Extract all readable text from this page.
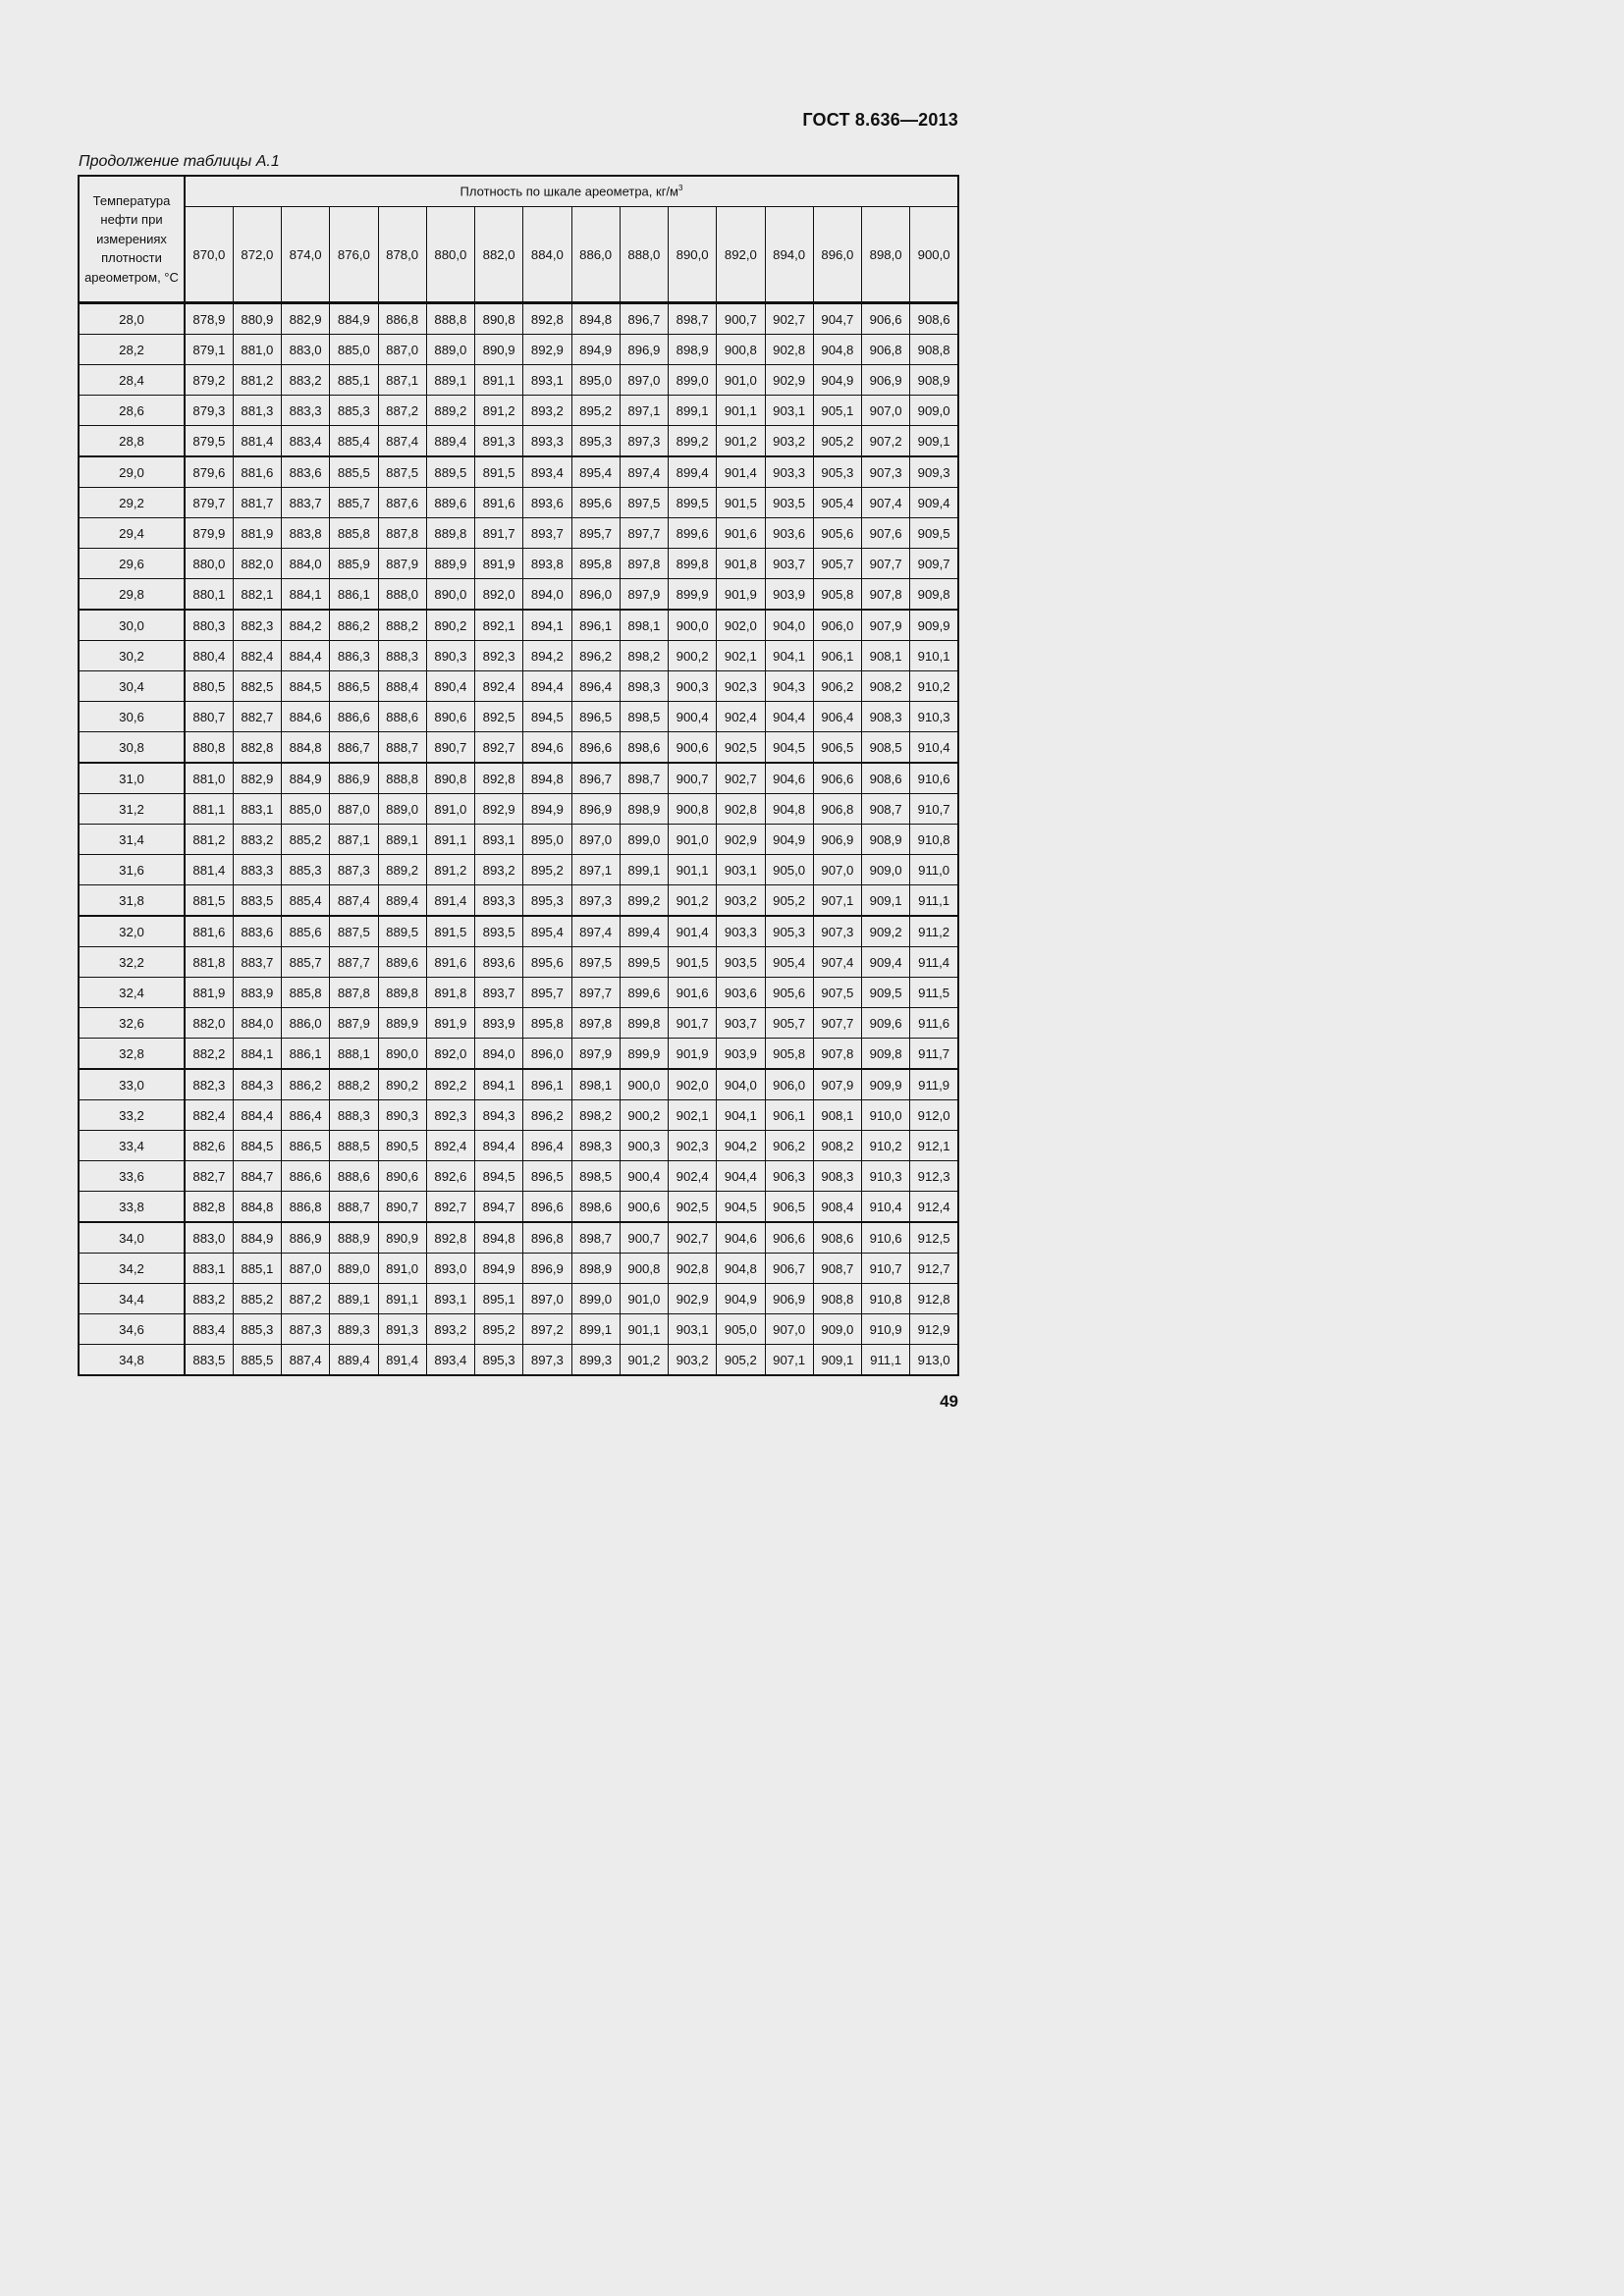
ГОСТ 8.636—2013
Продолжение таблицы А.1
Температура нефти при измерениях плотности ареометром, °С	Плотность по шкале ареометра, $кг/м^3$
	870,0	872,0	874,0	876,0	878,0	880,0	882,0	884,0	886,0	888,0	890,0	892,0	894,0	896,0	898,0	900,0
28,0	878,9	880,9	882,9	884,9	886,8	888,8	890,8	892,8	894,8	896,7	898,7	900,7	902,7	904,7	906,6	908,6
28,2	879,1	881,0	883,0	885,0	887,0	889,0	890,9	892,9	894,9	896,9	898,9	900,8	902,8	904,8	906,8	908,8
28,4	879,2	881,2	883,2	885,1	887,1	889,1	891,1	893,1	895,0	897,0	899,0	901,0	902,9	904,9	906,9	908,9
28,6	879,3	881,3	883,3	885,3	887,2	889,2	891,2	893,2	895,2	897,1	899,1	901,1	903,1	905,1	907,0	909,0
28,8	879,5	881,4	883,4	885,4	887,4	889,4	891,3	893,3	895,3	897,3	899,2	901,2	903,2	905,2	907,2	909,1
29,0	879,6	881,6	883,6	885,5	887,5	889,5	891,5	893,4	895,4	897,4	899,4	901,4	903,3	905,3	907,3	909,3
29,2	879,7	881,7	883,7	885,7	887,6	889,6	891,6	893,6	895,6	897,5	899,5	901,5	903,5	905,4	907,4	909,4
29,4	879,9	881,9	883,8	885,8	887,8	889,8	891,7	893,7	895,7	897,7	899,6	901,6	903,6	905,6	907,6	909,5
29,6	880,0	882,0	884,0	885,9	887,9	889,9	891,9	893,8	895,8	897,8	899,8	901,8	903,7	905,7	907,7	909,7
29,8	880,1	882,1	884,1	886,1	888,0	890,0	892,0	894,0	896,0	897,9	899,9	901,9	903,9	905,8	907,8	909,8
30,0	880,3	882,3	884,2	886,2	888,2	890,2	892,1	894,1	896,1	898,1	900,0	902,0	904,0	906,0	907,9	909,9
30,2	880,4	882,4	884,4	886,3	888,3	890,3	892,3	894,2	896,2	898,2	900,2	902,1	904,1	906,1	908,1	910,1
30,4	880,5	882,5	884,5	886,5	888,4	890,4	892,4	894,4	896,4	898,3	900,3	902,3	904,3	906,2	908,2	910,2
30,6	880,7	882,7	884,6	886,6	888,6	890,6	892,5	894,5	896,5	898,5	900,4	902,4	904,4	906,4	908,3	910,3
30,8	880,8	882,8	884,8	886,7	888,7	890,7	892,7	894,6	896,6	898,6	900,6	902,5	904,5	906,5	908,5	910,4
31,0	881,0	882,9	884,9	886,9	888,8	890,8	892,8	894,8	896,7	898,7	900,7	902,7	904,6	906,6	908,6	910,6
31,2	881,1	883,1	885,0	887,0	889,0	891,0	892,9	894,9	896,9	898,9	900,8	902,8	904,8	906,8	908,7	910,7
31,4	881,2	883,2	885,2	887,1	889,1	891,1	893,1	895,0	897,0	899,0	901,0	902,9	904,9	906,9	908,9	910,8
31,6	881,4	883,3	885,3	887,3	889,2	891,2	893,2	895,2	897,1	899,1	901,1	903,1	905,0	907,0	909,0	911,0
31,8	881,5	883,5	885,4	887,4	889,4	891,4	893,3	895,3	897,3	899,2	901,2	903,2	905,2	907,1	909,1	911,1
32,0	881,6	883,6	885,6	887,5	889,5	891,5	893,5	895,4	897,4	899,4	901,4	903,3	905,3	907,3	909,2	911,2
32,2	881,8	883,7	885,7	887,7	889,6	891,6	893,6	895,6	897,5	899,5	901,5	903,5	905,4	907,4	909,4	911,4
32,4	881,9	883,9	885,8	887,8	889,8	891,8	893,7	895,7	897,7	899,6	901,6	903,6	905,6	907,5	909,5	911,5
32,6	882,0	884,0	886,0	887,9	889,9	891,9	893,9	895,8	897,8	899,8	901,7	903,7	905,7	907,7	909,6	911,6
32,8	882,2	884,1	886,1	888,1	890,0	892,0	894,0	896,0	897,9	899,9	901,9	903,9	905,8	907,8	909,8	911,7
33,0	882,3	884,3	886,2	888,2	890,2	892,2	894,1	896,1	898,1	900,0	902,0	904,0	906,0	907,9	909,9	911,9
33,2	882,4	884,4	886,4	888,3	890,3	892,3	894,3	896,2	898,2	900,2	902,1	904,1	906,1	908,1	910,0	912,0
33,4	882,6	884,5	886,5	888,5	890,5	892,4	894,4	896,4	898,3	900,3	902,3	904,2	906,2	908,2	910,2	912,1
33,6	882,7	884,7	886,6	888,6	890,6	892,6	894,5	896,5	898,5	900,4	902,4	904,4	906,3	908,3	910,3	912,3
33,8	882,8	884,8	886,8	888,7	890,7	892,7	894,7	896,6	898,6	900,6	902,5	904,5	906,5	908,4	910,4	912,4
34,0	883,0	884,9	886,9	888,9	890,9	892,8	894,8	896,8	898,7	900,7	902,7	904,6	906,6	908,6	910,6	912,5
34,2	883,1	885,1	887,0	889,0	891,0	893,0	894,9	896,9	898,9	900,8	902,8	904,8	906,7	908,7	910,7	912,7
34,4	883,2	885,2	887,2	889,1	891,1	893,1	895,1	897,0	899,0	901,0	902,9	904,9	906,9	908,8	910,8	912,8
34,6	883,4	885,3	887,3	889,3	891,3	893,2	895,2	897,2	899,1	901,1	903,1	905,0	907,0	909,0	910,9	912,9
34,8	883,5	885,5	887,4	889,4	891,4	893,4	895,3	897,3	899,3	901,2	903,2	905,2	907,1	909,1	911,1	913,0
49
